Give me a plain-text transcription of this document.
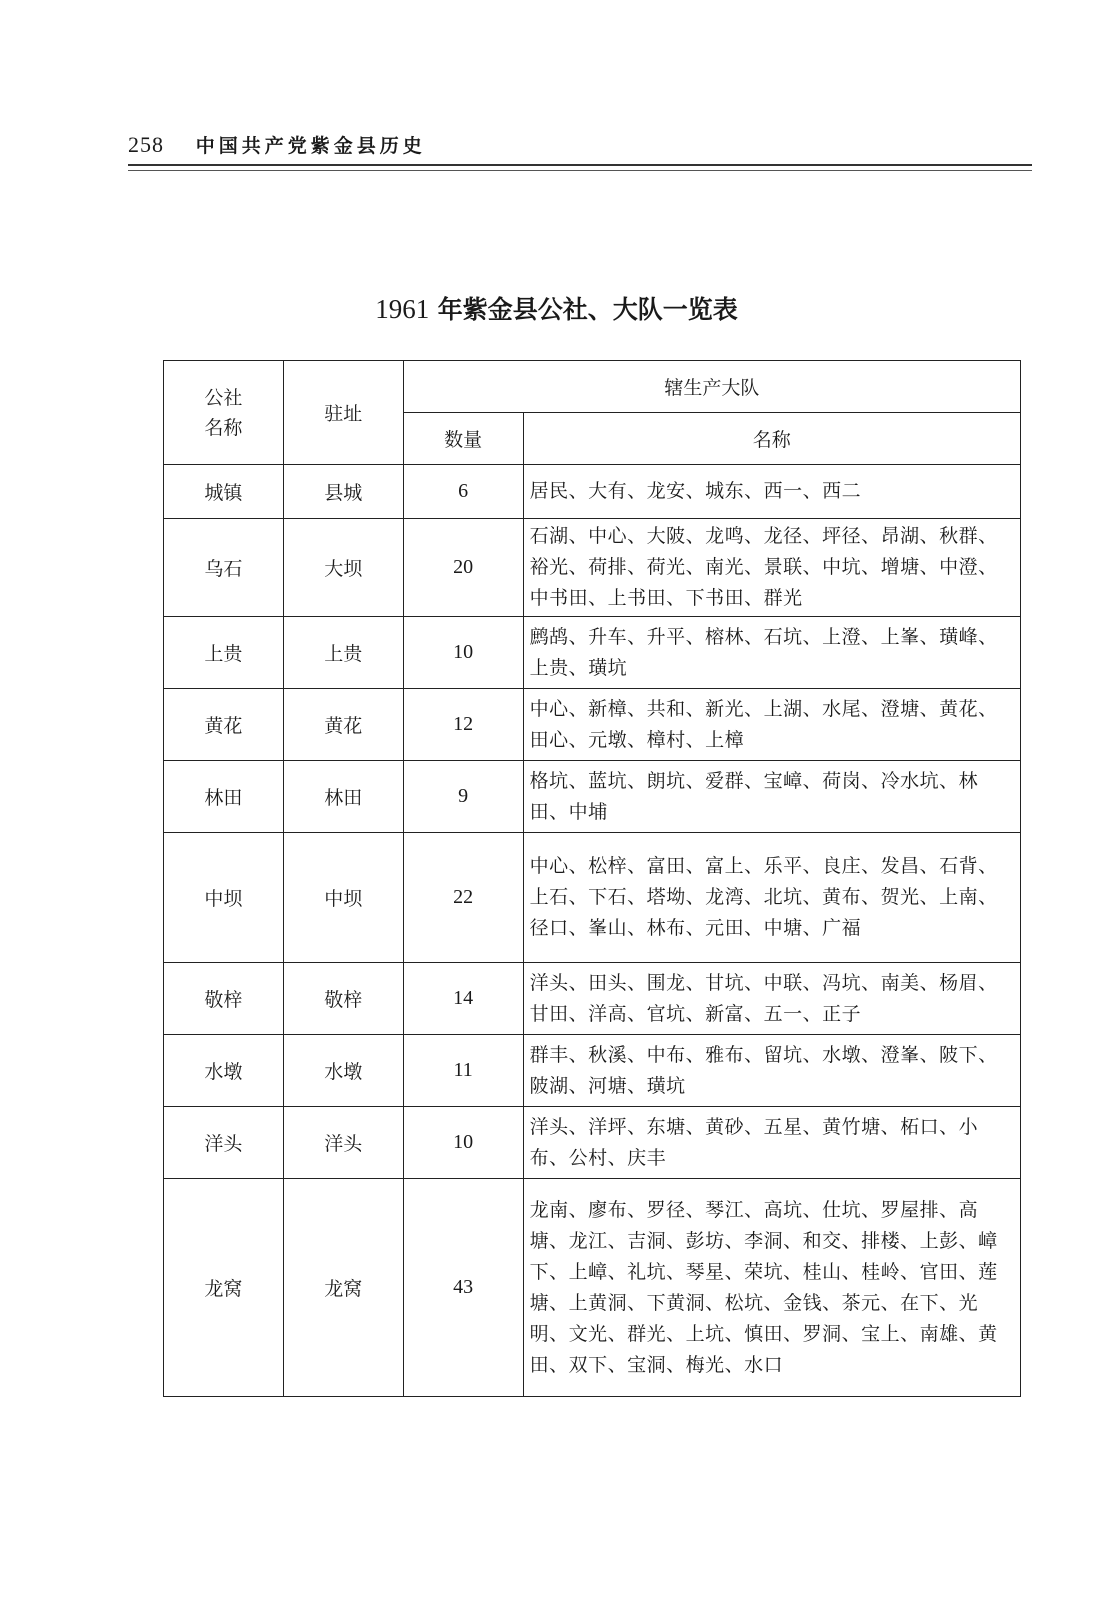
258 中国共产党紫金县历史
1961 年紫金县公社、大队一览表
公社
名称	驻址	辖生产大队	
		数量	名称
城镇	县城	6	居民、大有、龙安、城东、西一、西二
乌石	大坝	20	石湖、中心、大陂、龙鸣、龙径、坪径、昂湖、秋群、裕光、荷排、荷光、南光、景联、中坑、增塘、中澄、中书田、上书田、下书田、群光
上贵	上贵	10	鹧鸪、升车、升平、榕林、石坑、上澄、上峯、璜峰、上贵、璜坑
黄花	黄花	12	中心、新樟、共和、新光、上湖、水尾、澄塘、黄花、田心、元墩、樟村、上樟
林田	林田	9	格坑、蓝坑、朗坑、爱群、宝嶂、荷岗、冷水坑、林田、中埔
中坝	中坝	22	中心、松梓、富田、富上、乐平、良庄、发昌、石背、上石、下石、塔坳、龙湾、北坑、黄布、贺光、上南、径口、峯山、林布、元田、中塘、广福
敬梓	敬梓	14	洋头、田头、围龙、甘坑、中联、冯坑、南美、杨眉、甘田、洋高、官坑、新富、五一、正子
水墩	水墩	11	群丰、秋溪、中布、雅布、留坑、水墩、澄峯、陂下、陂湖、河塘、璜坑
洋头	洋头	10	洋头、洋坪、东塘、黄砂、五星、黄竹塘、柘口、小布、公村、庆丰
龙窝	龙窝	43	龙南、廖布、罗径、琴江、高坑、仕坑、罗屋排、高塘、龙江、吉洞、彭坊、李洞、和交、排楼、上彭、嶂下、上嶂、礼坑、琴星、荣坑、桂山、桂岭、官田、莲塘、上黄洞、下黄洞、松坑、金钱、茶元、在下、光明、文光、群光、上坑、慎田、罗洞、宝上、南雄、黄田、双下、宝洞、梅光、水口
